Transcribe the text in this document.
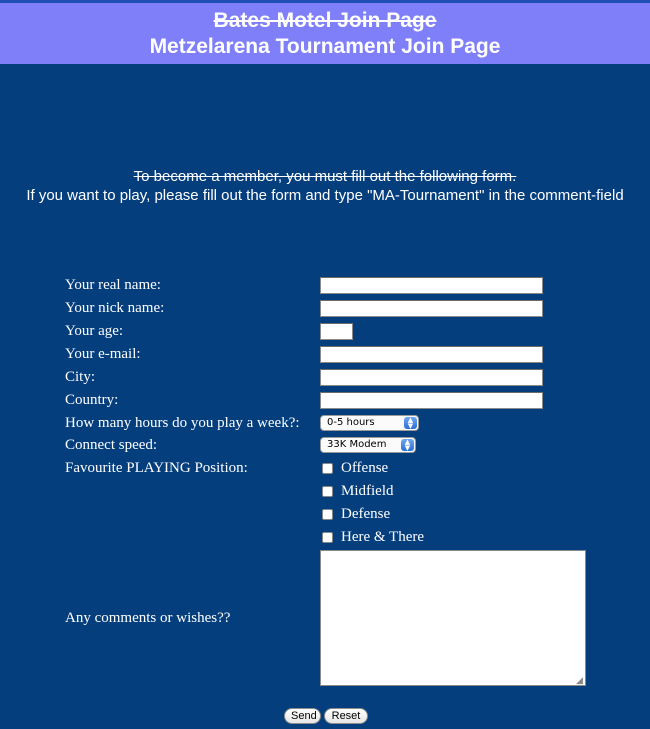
Bates Motel Join Page
Metzelarena Tournament Join Page
To become a member, you must fill out the following form.
If you want to play, please fill out the form and type "MA-Tournament" in the comment-field
Your real name:
Your nick name:
Your age:
Your e-mail:
City:
Country:
How many hours do you play a week?:	0-5 hours	▲
▼
Connect speed:	33K Modem	▲
▼
Favourite PLAYING Position:	Offense
Midfield
Defense
Here & There
Any comments or wishes??
◢
Send	Reset
